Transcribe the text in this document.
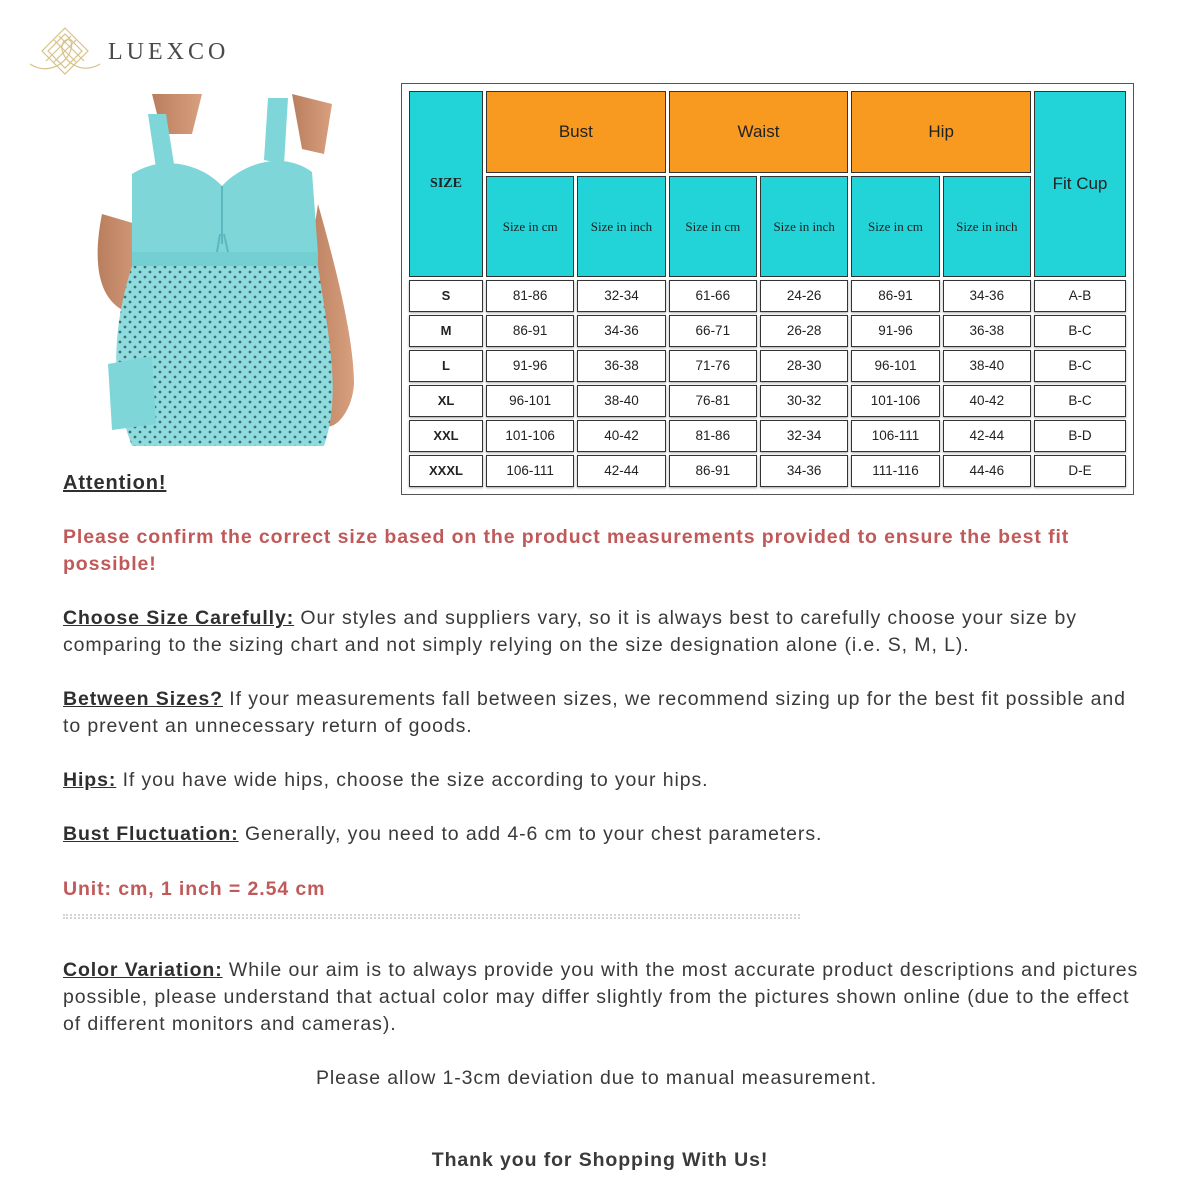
LUEXCO
SIZE	Bust		Waist		Hip		Fit Cup
	Size in cm	Size in inch	Size in cm	Size in inch	Size in cm	Size in inch	
S	81-86	32-34	61-66	24-26	86-91	34-36	A-B
M	86-91	34-36	66-71	26-28	91-96	36-38	B-C
L	91-96	36-38	71-76	28-30	96-101	38-40	B-C
XL	96-101	38-40	76-81	30-32	101-106	40-42	B-C
XXL	101-106	40-42	81-86	32-34	106-111	42-44	B-D
XXXL	106-111	42-44	86-91	34-36	111-116	44-46	D-E
Attention!
Please confirm the correct size based on the product measurements provided to ensure the best fit possible!
Choose Size Carefully: Our styles and suppliers vary, so it is always best to carefully choose your size by comparing to the sizing chart and not simply relying on the size designation alone (i.e. S, M, L).
Between Sizes? If your measurements fall between sizes, we recommend sizing up for the best fit possible and to prevent an unnecessary return of goods.
Hips: If you have wide hips, choose the size according to your hips.
Bust Fluctuation: Generally, you need to add 4-6 cm to your chest parameters.
Unit: cm, 1 inch = 2.54 cm
Color Variation: While our aim is to always provide you with the most accurate product descriptions and pictures possible, please understand that actual color may differ slightly from the pictures shown online (due to the effect of different monitors and cameras).
Please allow 1-3cm deviation due to manual measurement.
Thank you for Shopping With Us!
